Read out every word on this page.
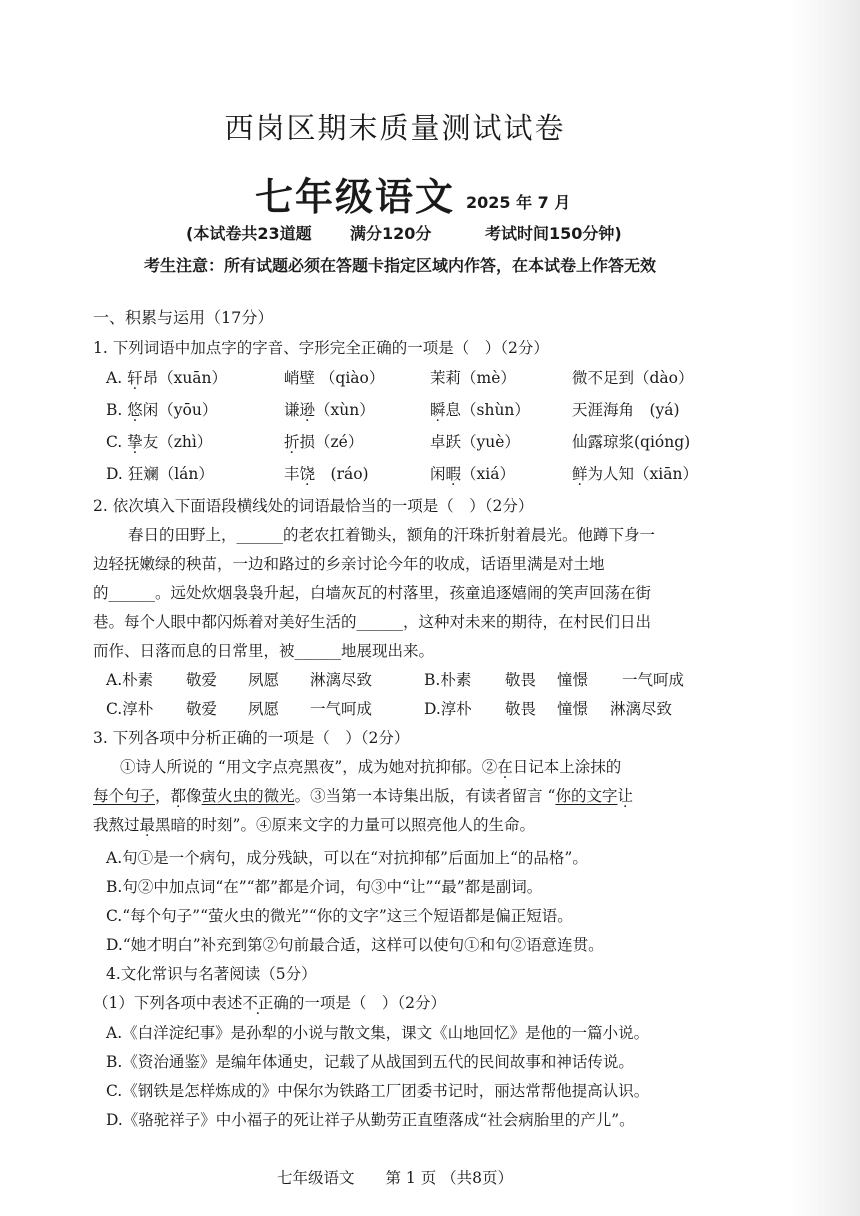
西岗区期末质量测试试卷
七年级语文 2025 年 7 月
(本试卷共23道题 满分120分	考试时间150分钟)
考生注意：所有试题必须在答题卡指定区域内作答，在本试卷上作答无效
一、积累与运用（17分）
1. 下列词语中加点字的字音、字形完全正确的一项是（　）（2分）
A. 轩昂（xuān）	峭壁 （qiào）	茉莉（mè）	微不足到（dào）
B. 悠闲（yōu）	谦逊（xùn）	瞬息（shùn）	天涯海角　(yá)
C. 挚友（zhì）	折损（zé）	卓跃（yuè）	仙露琼浆(qióng)
D. 狂斓（lán）	丰饶　(ráo)	闲暇（xiá）	鲜为人知（xiān）
2. 依次填入下面语段横线处的词语最恰当的一项是（　）（2分）
春日的田野上，______的老农扛着锄头，额角的汗珠折射着晨光。他蹲下身一
边轻抚嫩绿的秧苗，一边和路过的乡亲讨论今年的收成，话语里满是对土地
的______。远处炊烟袅袅升起，白墙灰瓦的村落里，孩童追逐嬉闹的笑声回荡在街
巷。每个人眼中都闪烁着对美好生活的______，这种对未来的期待，在村民们日出
而作、日落而息的日常里，被______地展现出来。
A.朴素 敬爱 夙愿 淋漓尽致	B.朴素 敬畏 憧憬 一气呵成
C.淳朴 敬爱 夙愿 一气呵成	D.淳朴 敬畏 憧憬 淋漓尽致
3. 下列各项中分析正确的一项是（　）（2分）
①诗人所说的 “用文字点亮黑夜”，成为她对抗抑郁。②在日记本上涂抹的
每个句子，都像萤火虫的微光。③当第一本诗集出版，有读者留言 “你的文字让
我熬过最黑暗的时刻”。④原来文字的力量可以照亮他人的生命。
A.句①是一个病句，成分残缺，可以在“对抗抑郁”后面加上“的品格”。
B.句②中加点词“在”“都”都是介词，句③中“让”“最”都是副词。
C.“每个句子”“萤火虫的微光”“你的文字”这三个短语都是偏正短语。
D.“她才明白”补充到第②句前最合适，这样可以使句①和句②语意连贯。
4.文化常识与名著阅读（5分）
（1）下列各项中表述不正确的一项是（　）（2分）
A.《白洋淀纪事》是孙犁的小说与散文集，课文《山地回忆》是他的一篇小说。
B.《资治通鉴》是编年体通史，记载了从战国到五代的民间故事和神话传说。
C.《钢铁是怎样炼成的》中保尔为铁路工厂团委书记时，丽达常帮他提高认识。
D.《骆驼祥子》中小福子的死让祥子从勤劳正直堕落成“社会病胎里的产儿”。
七年级语文　　第 1 页 （共8页）
